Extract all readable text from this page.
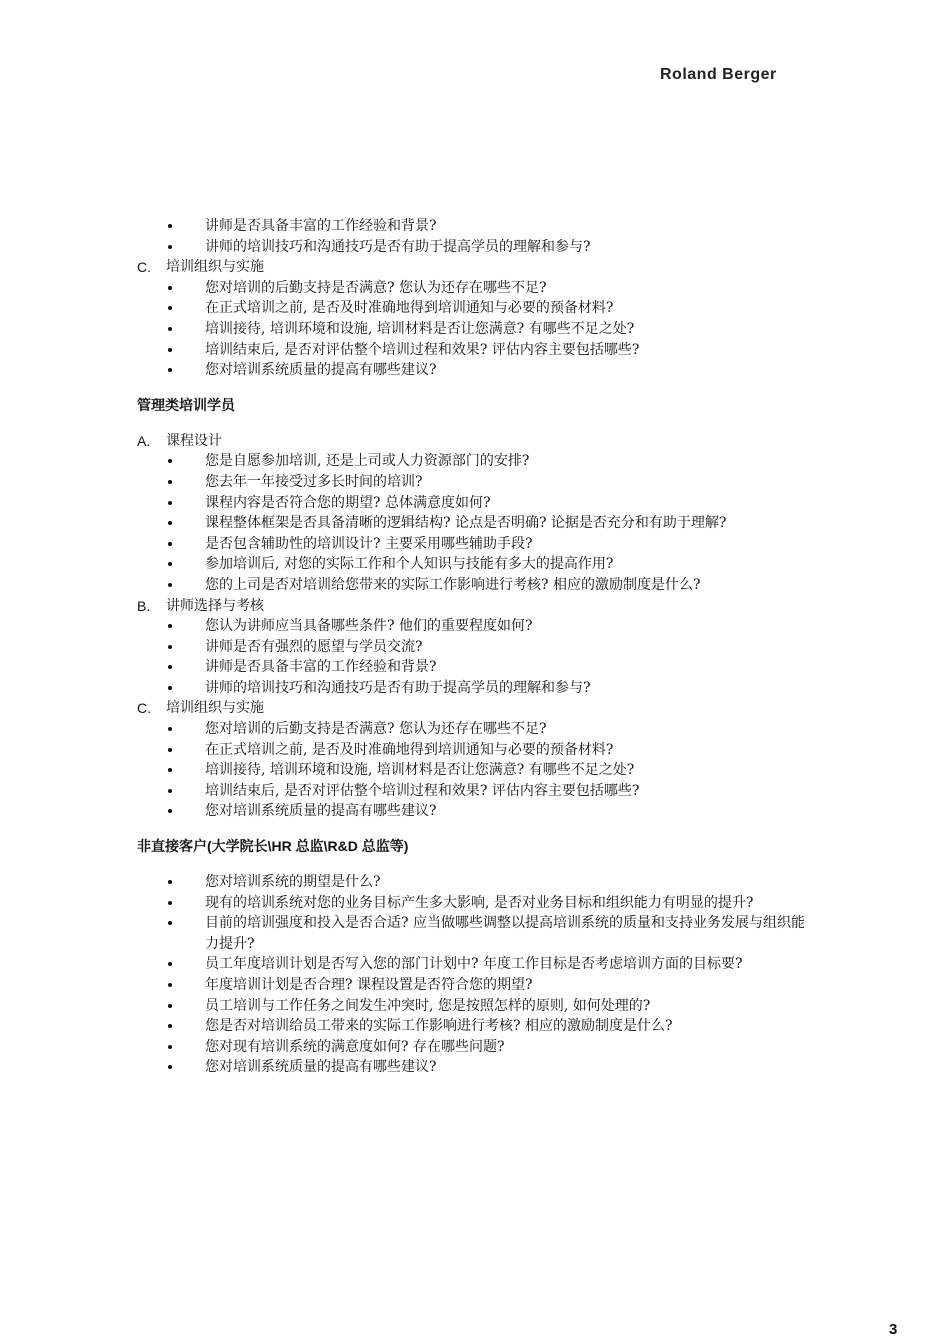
Roland Berger
讲师是否具备丰富的工作经验和背景?
讲师的培训技巧和沟通技巧是否有助于提高学员的理解和参与?
C. 培训组织与实施
您对培训的后勤支持是否满意? 您认为还存在哪些不足?
在正式培训之前, 是否及时准确地得到培训通知与必要的预备材料?
培训接待, 培训环境和设施, 培训材料是否让您满意? 有哪些不足之处?
培训结束后, 是否对评估整个培训过程和效果? 评估内容主要包括哪些?
您对培训系统质量的提高有哪些建议?
管理类培训学员
A. 课程设计
您是自愿参加培训, 还是上司或人力资源部门的安排?
您去年一年接受过多长时间的培训?
课程内容是否符合您的期望? 总体满意度如何?
课程整体框架是否具备清晰的逻辑结构? 论点是否明确? 论据是否充分和有助于理解?
是否包含辅助性的培训设计? 主要采用哪些辅助手段?
参加培训后, 对您的实际工作和个人知识与技能有多大的提高作用?
您的上司是否对培训给您带来的实际工作影响进行考核? 相应的激励制度是什么?
B. 讲师选择与考核
您认为讲师应当具备哪些条件? 他们的重要程度如何?
讲师是否有强烈的愿望与学员交流?
讲师是否具备丰富的工作经验和背景?
讲师的培训技巧和沟通技巧是否有助于提高学员的理解和参与?
C. 培训组织与实施
您对培训的后勤支持是否满意? 您认为还存在哪些不足?
在正式培训之前, 是否及时准确地得到培训通知与必要的预备材料?
培训接待, 培训环境和设施, 培训材料是否让您满意? 有哪些不足之处?
培训结束后, 是否对评估整个培训过程和效果? 评估内容主要包括哪些?
您对培训系统质量的提高有哪些建议?
非直接客户(大学院长\HR 总监\R&D 总监等)
您对培训系统的期望是什么?
现有的培训系统对您的业务目标产生多大影响, 是否对业务目标和组织能力有明显的提升?
目前的培训强度和投入是否合适? 应当做哪些调整以提高培训系统的质量和支持业务发展与组织能力提升?
员工年度培训计划是否写入您的部门计划中? 年度工作目标是否考虑培训方面的目标要?
年度培训计划是否合理? 课程设置是否符合您的期望?
员工培训与工作任务之间发生冲突时, 您是按照怎样的原则, 如何处理的?
您是否对培训给员工带来的实际工作影响进行考核? 相应的激励制度是什么?
您对现有培训系统的满意度如何? 存在哪些问题?
您对培训系统质量的提高有哪些建议?
3
